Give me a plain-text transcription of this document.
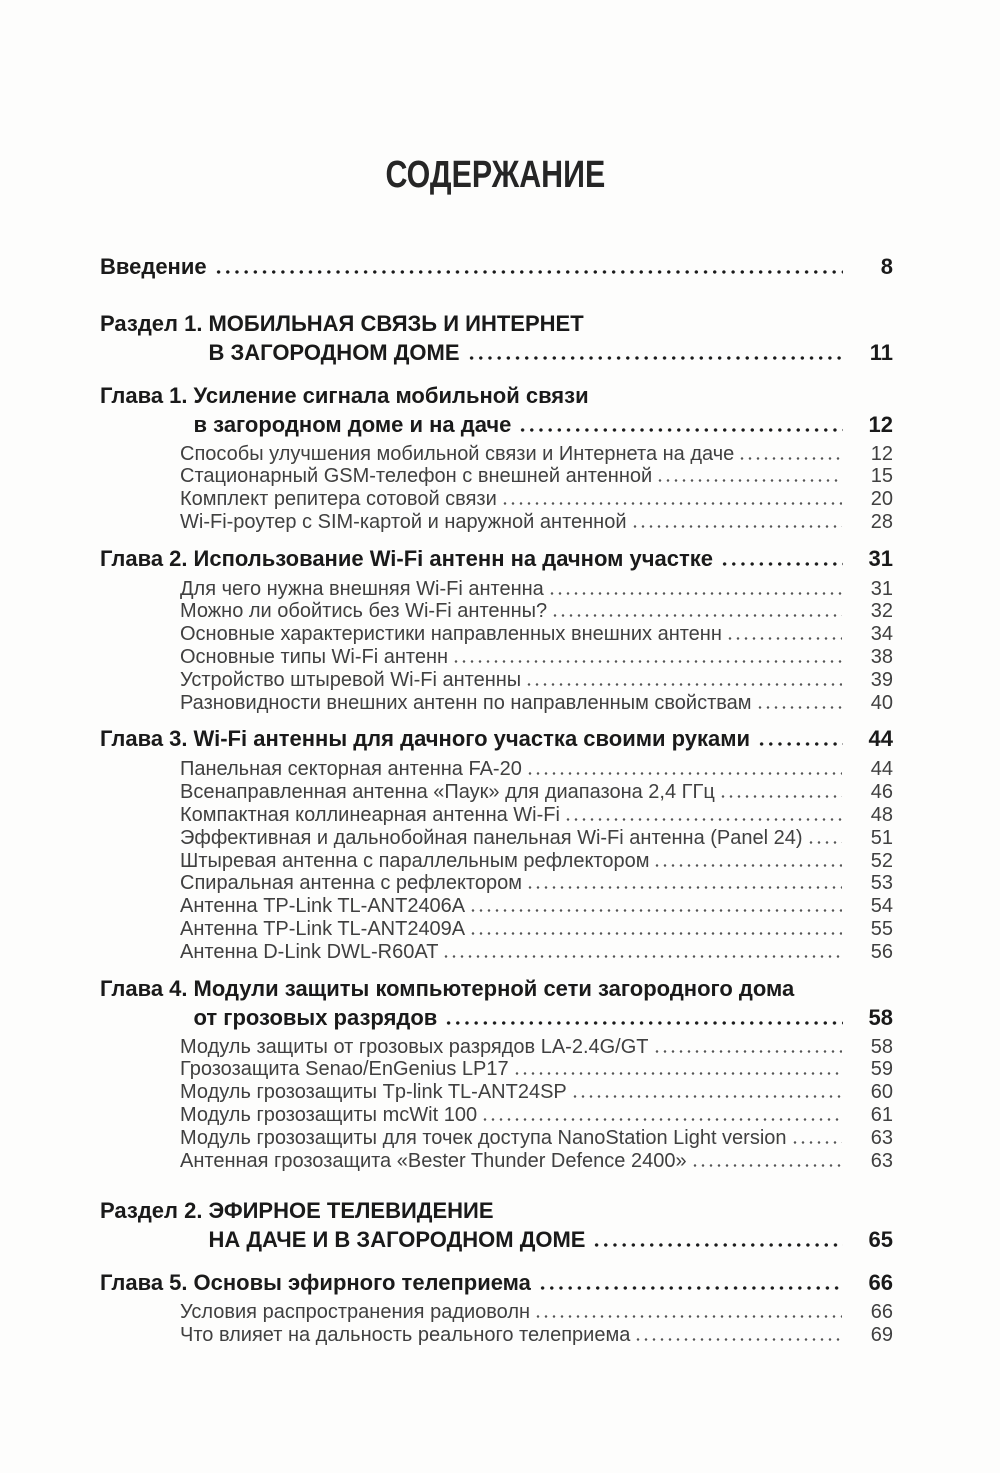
СОДЕРЖАНИЕ
Введение	8
Раздел 1. МОБИЛЬНАЯ СВЯЗЬ И ИНТЕРНЕТ
В ЗАГОРОДНОМ ДОМЕ	11
Глава 1. Усиление сигнала мобильной связи
в загородном доме и на даче	12
Способы улучшения мобильной связи и Интернета на даче	12
Стационарный GSM-телефон с внешней антенной	15
Комплект репитера сотовой связи	20
Wi-Fi-роутер с SIM-картой и наружной антенной	28
Глава 2. Использование Wi-Fi антенн на дачном участке	31
Для чего нужна внешняя Wi-Fi антенна	31
Можно ли обойтись без Wi-Fi антенны?	32
Основные характеристики направленных внешних антенн	34
Основные типы Wi-Fi антенн	38
Устройство штыревой Wi-Fi антенны	39
Разновидности внешних антенн по направленным свойствам	40
Глава 3. Wi-Fi антенны для дачного участка своими руками	44
Панельная секторная антенна FA-20	44
Всенаправленная антенна «Паук» для диапазона 2,4 ГГц	46
Компактная коллинеарная антенна Wi-Fi	48
Эффективная и дальнобойная панельная Wi-Fi антенна (Panel 24)	51
Штыревая антенна с параллельным рефлектором	52
Спиральная антенна с рефлектором	53
Антенна TP-Link TL-ANT2406A	54
Антенна TP-Link TL-ANT2409A	55
Антенна D-Link DWL-R60AT	56
Глава 4. Модули защиты компьютерной сети загородного дома
от грозовых разрядов	58
Модуль защиты от грозовых разрядов LA-2.4G/GT	58
Грозозащита Senao/EnGenius LP17	59
Модуль грозозащиты Tp-link TL-ANT24SP	60
Модуль грозозащиты mcWit 100	61
Модуль грозозащиты для точек доступа NanoStation Light version	63
Антенная грозозащита «Bester Thunder Defence 2400»	63
Раздел 2. ЭФИРНОЕ ТЕЛЕВИДЕНИЕ
НА ДАЧЕ И В ЗАГОРОДНОМ ДОМЕ	65
Глава 5. Основы эфирного телеприема	66
Условия распространения радиоволн	66
Что влияет на дальность реального телеприема	69
